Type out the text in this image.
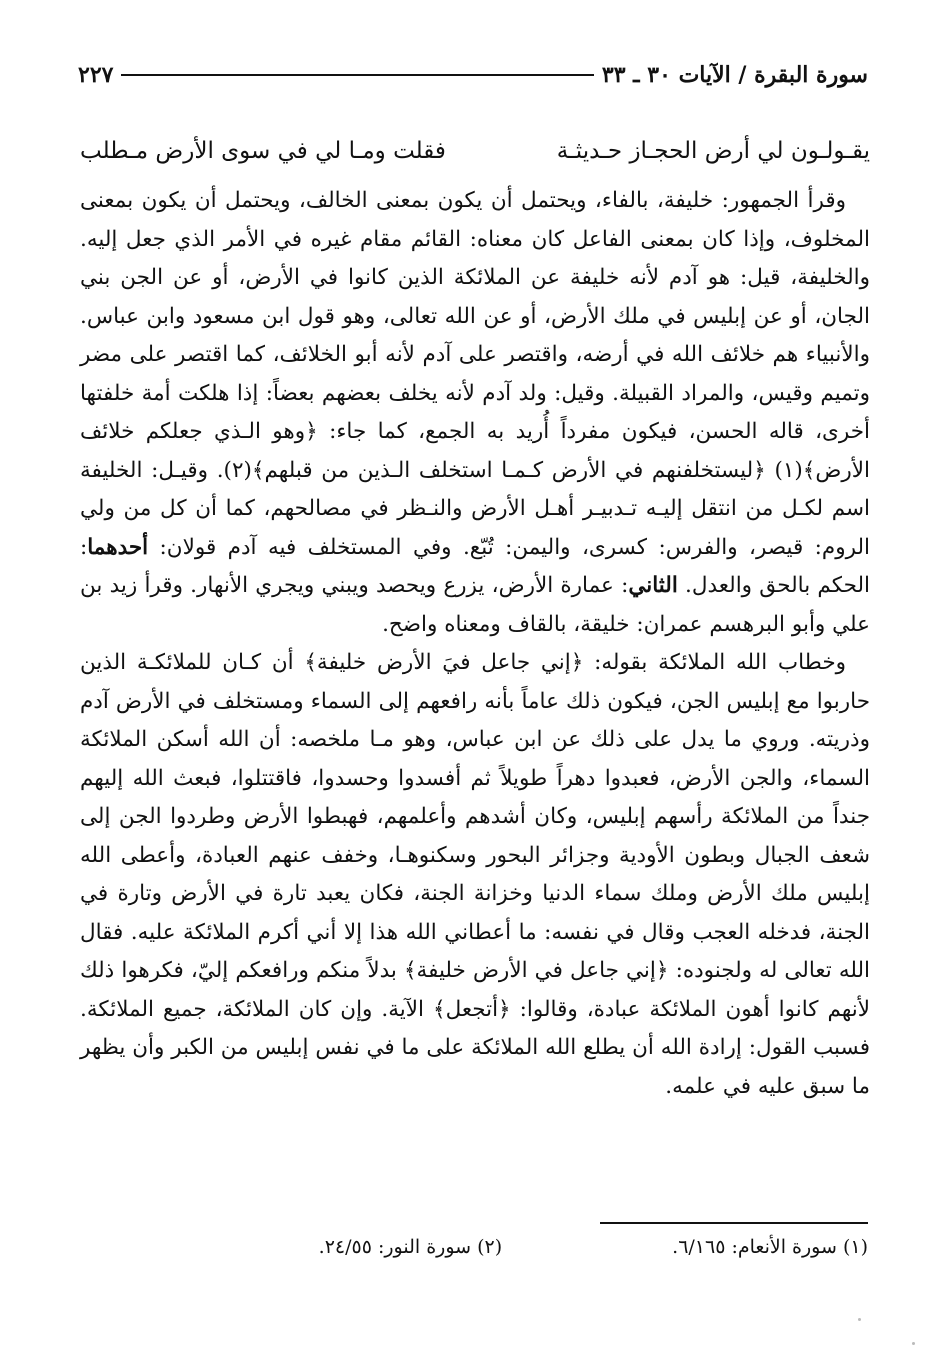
سورة البقرة / الآيات ٣٠ ـ ٣٣
٢٢٧
يقـولـون لي أرض الحجـاز حـديثـة
فقلت ومـا لي في سوى الأرض مـطلب

وقرأ الجمهور: خليفة، بالفاء، ويحتمل أن يكون بمعنى الخالف، ويحتمل أن يكون بمعنى المخلوف، وإذا كان بمعنى الفاعل كان معناه: القائم مقام غيره في الأمر الذي جعل إليه. والخليفة، قيل: هو آدم لأنه خليفة عن الملائكة الذين كانوا في الأرض، أو عن الجن بني الجان، أو عن إبليس في ملك الأرض، أو عن الله تعالى، وهو قول ابن مسعود وابن عباس. والأنبياء هم خلائف الله في أرضه، واقتصر على آدم لأنه أبو الخلائف، كما اقتصر على مضر وتميم وقيس، والمراد القبيلة. وقيل: ولد آدم لأنه يخلف بعضهم بعضاً: إذا هلكت أمة خلفتها أخرى، قاله الحسن، فيكون مفرداً أُريد به الجمع، كما جاء: ﴿وهو الـذي جعلكم خلائف الأرض﴾(١) ﴿ليستخلفنهم في الأرض كـمـا استخلف الـذين من قبلهم﴾(٢). وقيـل: الخليفة اسم لكـل من انتقل إليـه تـدبيـر أهـل الأرض والنـظر في مصالحهم، كما أن كل من ولي الروم: قيصر، والفرس: كسرى، واليمن: تُبّع. وفي المستخلف فيه آدم قولان: أحدهما: الحكم بالحق والعدل. الثاني: عمارة الأرض، يزرع ويحصد ويبني ويجري الأنهار. وقرأ زيد بن علي وأبو البرهسم عمران: خليقة، بالقاف ومعناه واضح.

وخطاب الله الملائكة بقوله: ﴿إني جاعل فيَ الأرض خليفة﴾ أن كـان للملائكـة الذين حاربوا مع إبليس الجن، فيكون ذلك عاماً بأنه رافعهم إلى السماء ومستخلف في الأرض آدم وذريته. وروي ما يدل على ذلك عن ابن عباس، وهو مـا ملخصه: أن الله أسكن الملائكة السماء، والجن الأرض، فعبدوا دهراً طويلاً ثم أفسدوا وحسدوا، فاقتتلوا، فبعث الله إليهم جنداً من الملائكة رأسهم إبليس، وكان أشدهم وأعلمهم، فهبطوا الأرض وطردوا الجن إلى شعف الجبال وبطون الأودية وجزائر البحور وسكنوهـا، وخفف عنهم العبادة، وأعطى الله إبليس ملك الأرض وملك سماء الدنيا وخزانة الجنة، فكان يعبد تارة في الأرض وتارة في الجنة، فدخله العجب وقال في نفسه: ما أعطاني الله هذا إلا أني أكرم الملائكة عليه. فقال الله تعالى له ولجنوده: ﴿إني جاعل في الأرض خليفة﴾ بدلاً منكم ورافعكم إليّ، فكرهوا ذلك لأنهم كانوا أهون الملائكة عبادة، وقالوا: ﴿أتجعل﴾ الآية. وإن كان الملائكة، جميع الملائكة. فسبب القول: إرادة الله أن يطلع الله الملائكة على ما في نفس إبليس من الكبر وأن يظهر ما سبق عليه في علمه.

(١) سورة الأنعام: ٦/١٦٥.
(٢) سورة النور: ٢٤/٥٥.
